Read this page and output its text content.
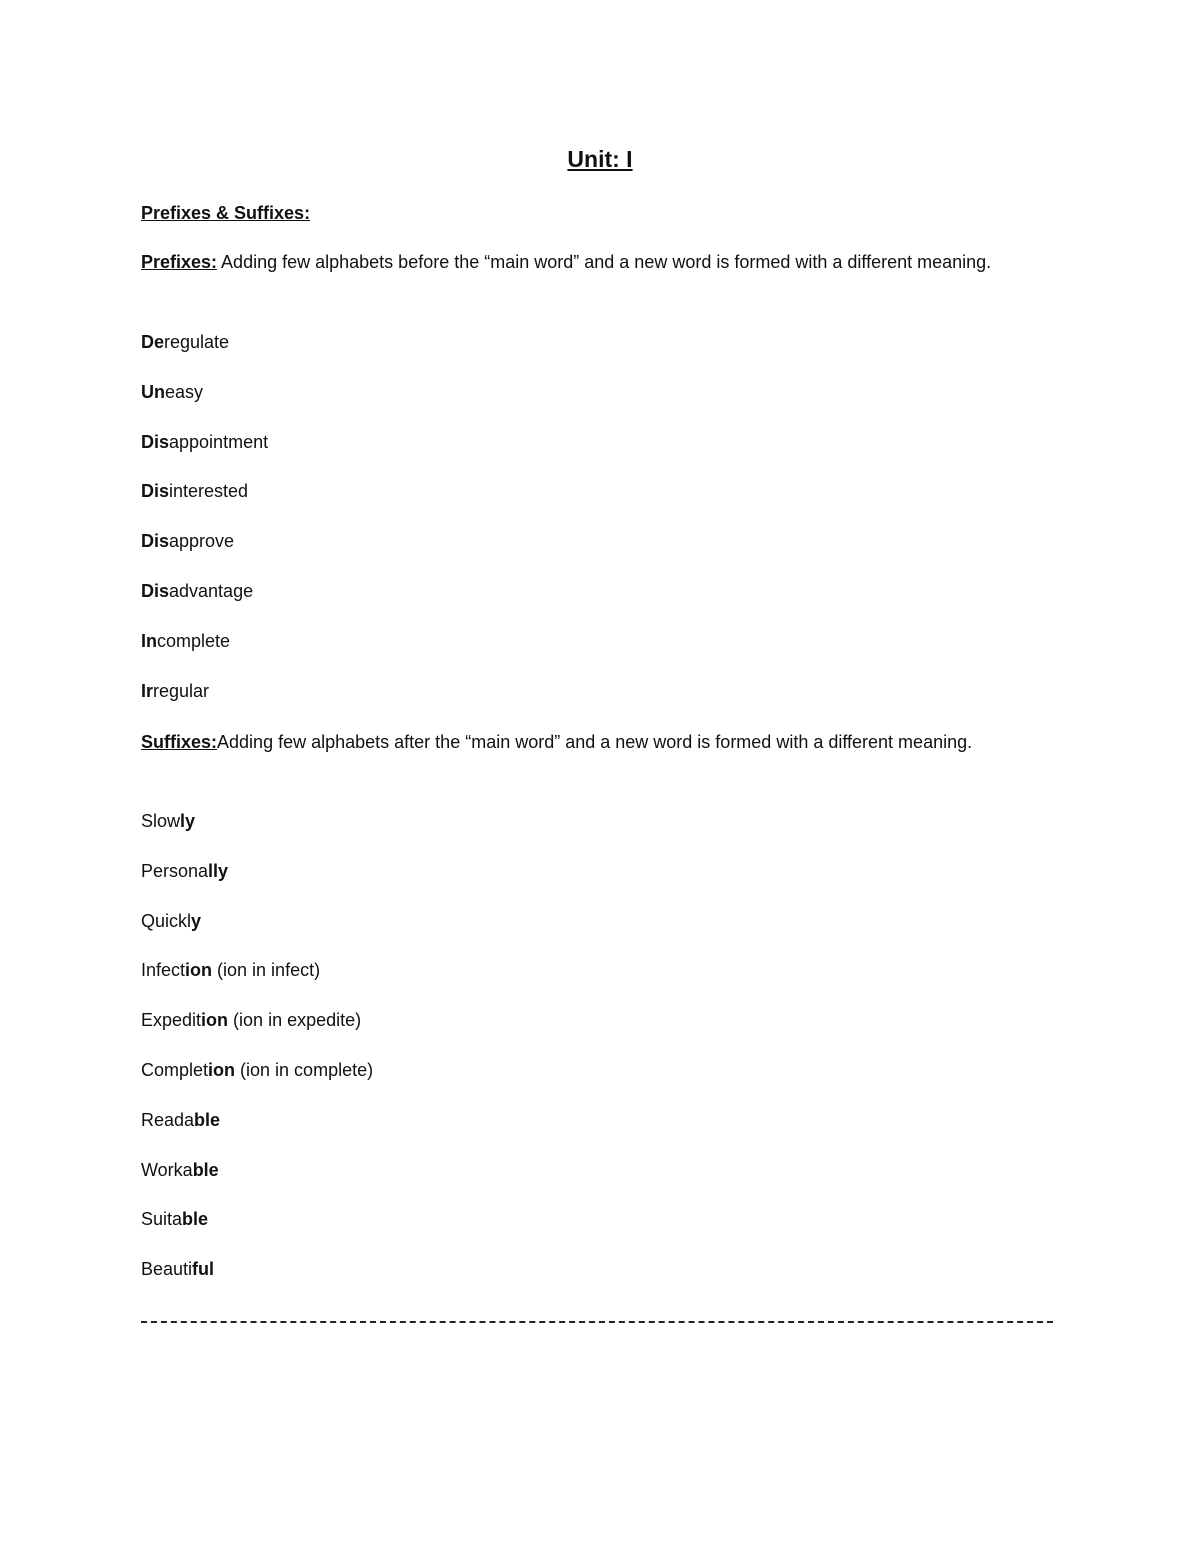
Unit: I
Prefixes & Suffixes:
Prefixes: Adding few alphabets before the “main word” and a new word is formed with a different meaning.
Deregulate
Uneasy
Disappointment
Disinterested
Disapprove
Disadvantage
Incomplete
Irregular
Suffixes:Adding few alphabets after the “main word” and a new word is formed with a different meaning.
Slowly
Personally
Quickly
Infection (ion in infect)
Expedition (ion in expedite)
Completion (ion in complete)
Readable
Workable
Suitable
Beautiful
